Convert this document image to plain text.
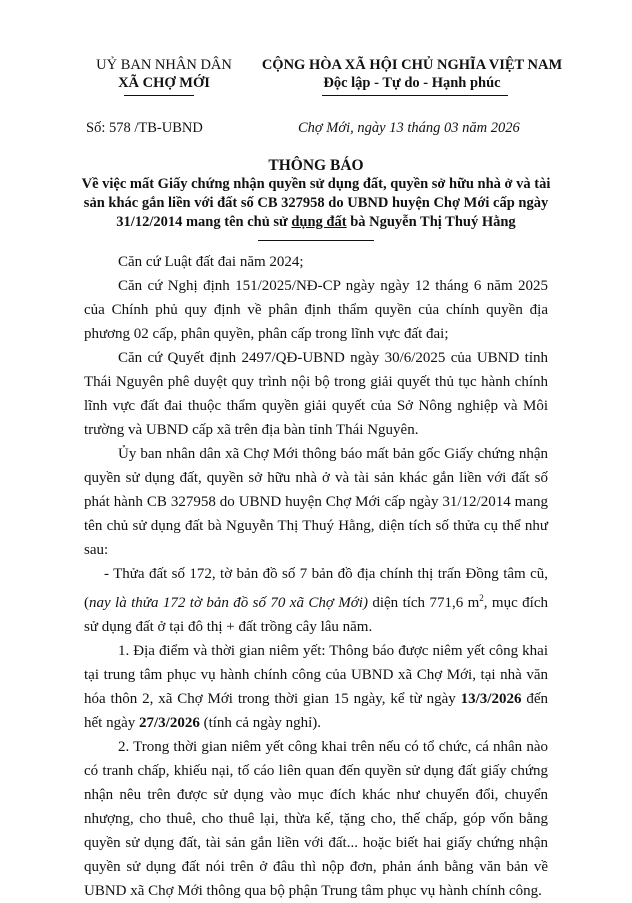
UỶ BAN NHÂN DÂN
XÃ CHỢ MỚI
CỘNG HÒA XÃ HỘI CHỦ NGHĨA VIỆT NAM
Độc lập - Tự do - Hạnh phúc
Số: 578 /TB-UBND	Chợ Mới, ngày 13 tháng 03 năm 2026
THÔNG BÁO
Về việc mất Giấy chứng nhận quyền sử dụng đất, quyền sở hữu nhà ở và tài
sản khác gắn liền với đất số CB 327958 do UBND huyện Chợ Mới cấp ngày
31/12/2014 mang tên chủ sử dụng đất bà Nguyễn Thị Thuý Hằng

Căn cứ Luật đất đai năm 2024;

Căn cứ Nghị định 151/2025/NĐ-CP ngày ngày 12 tháng 6 năm 2025 của Chính phủ quy định về phân định thẩm quyền của chính quyền địa phương 02 cấp, phân quyền, phân cấp trong lĩnh vực đất đai;

Căn cứ Quyết định 2497/QĐ-UBND ngày 30/6/2025 của UBND tỉnh Thái Nguyên phê duyệt quy trình nội bộ trong giải quyết thủ tục hành chính lĩnh vực đất đai thuộc thẩm quyền giải quyết của Sở Nông nghiệp và Môi trường và UBND cấp xã trên địa bàn tỉnh Thái Nguyên.

Ủy ban nhân dân xã Chợ Mới thông báo mất bản gốc Giấy chứng nhận quyền sử dụng đất, quyền sở hữu nhà ở và tài sản khác gắn liền với đất số phát hành CB 327958 do UBND huyện Chợ Mới cấp ngày 31/12/2014 mang tên chủ sử dụng đất bà Nguyễn Thị Thuý Hằng, diện tích số thửa cụ thể như sau:

- Thửa đất số 172, tờ bản đồ số 7 bản đồ địa chính thị trấn Đồng tâm cũ, (nay là thửa 172 tờ bản đồ số 70 xã Chợ Mới) diện tích 771,6 $m^2$, mục đích sử dụng đất ở tại đô thị + đất trồng cây lâu năm.

1. Địa điểm và thời gian niêm yết: Thông báo được niêm yết công khai tại trung tâm phục vụ hành chính công của UBND xã Chợ Mới, tại nhà văn hóa thôn 2, xã Chợ Mới trong thời gian 15 ngày, kể từ ngày 13/3/2026 đến hết ngày 27/3/2026 (tính cả ngày nghỉ).

2. Trong thời gian niêm yết công khai trên nếu có tổ chức, cá nhân nào có tranh chấp, khiếu nại, tố cáo liên quan đến quyền sử dụng đất giấy chứng nhận nêu trên được sử dụng vào mục đích khác như chuyển đổi, chuyển nhượng, cho thuê, cho thuê lại, thừa kế, tặng cho, thế chấp, góp vốn bằng quyền sử dụng đất, tài sản gắn liền với đất... hoặc biết hai giấy chứng nhận quyền sử dụng đất nói trên ở đâu thì nộp đơn, phản ánh bằng văn bản về UBND xã Chợ Mới thông qua bộ phận Trung tâm phục vụ hành chính công.
